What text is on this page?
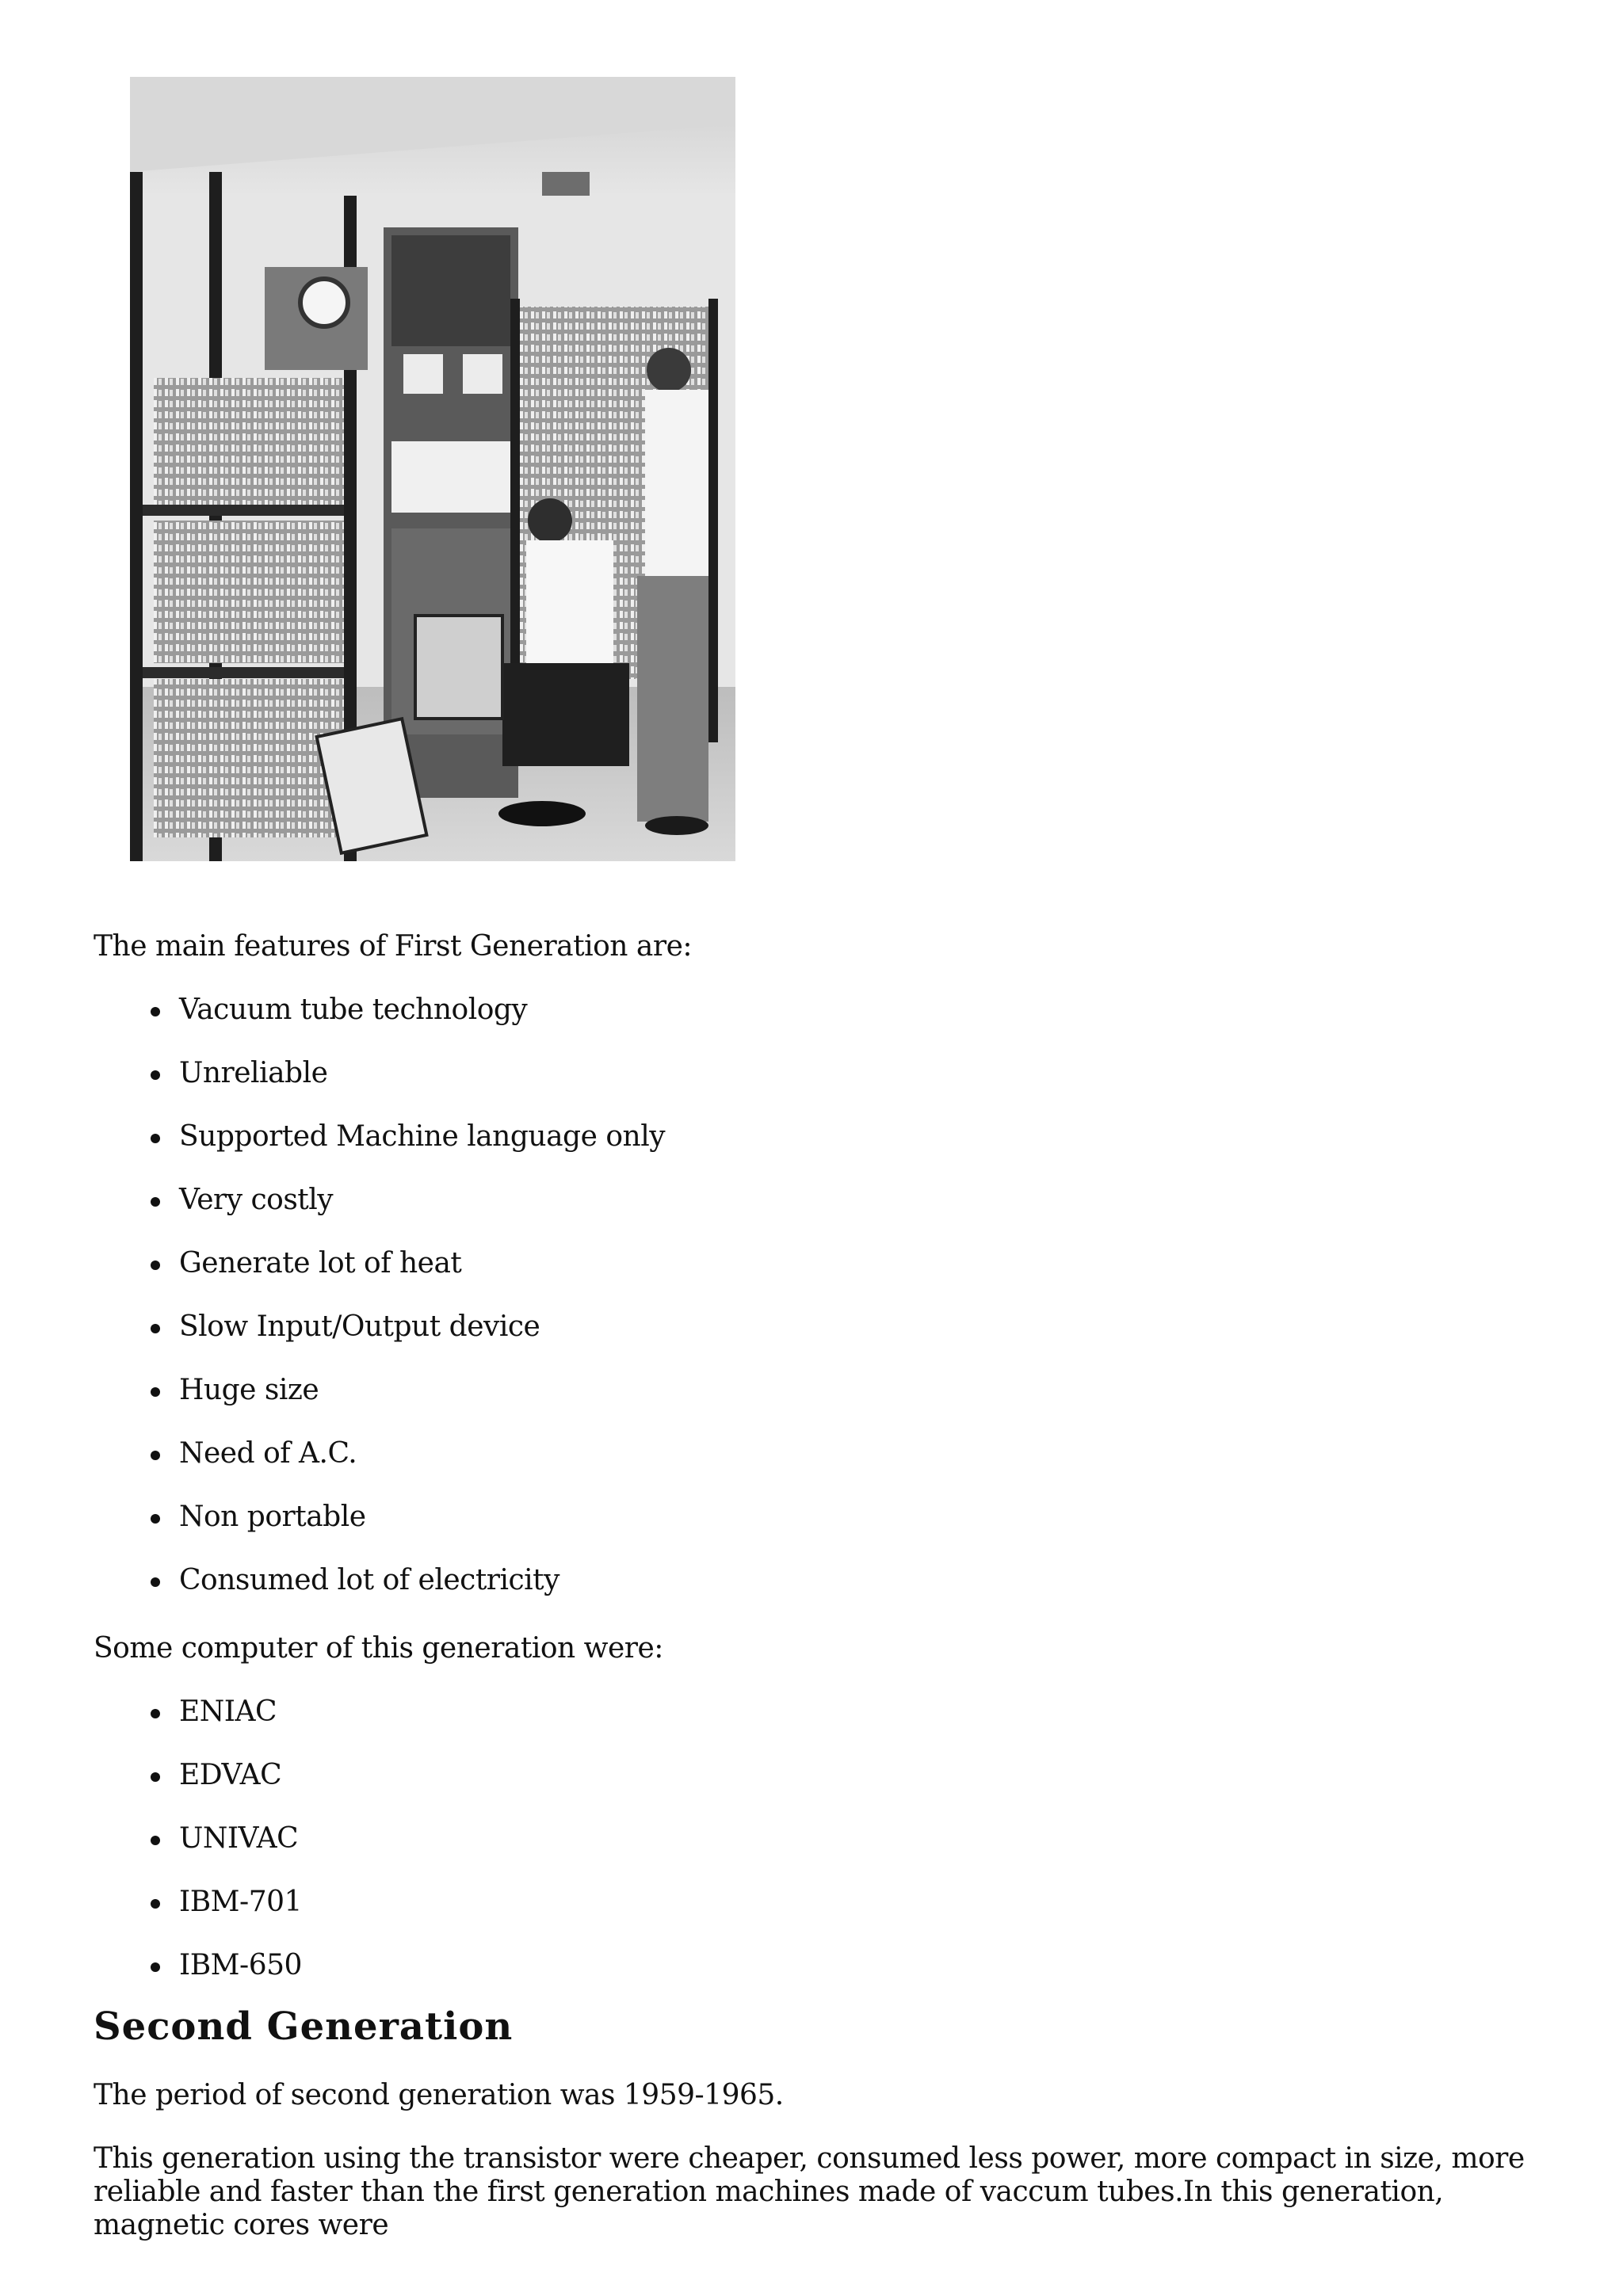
The main features of First Generation are:
Vacuum tube technology
Unreliable
Supported Machine language only
Very costly
Generate lot of heat
Slow Input/Output device
Huge size
Need of A.C.
Non portable
Consumed lot of electricity
Some computer of this generation were:
ENIAC
EDVAC
UNIVAC
IBM-701
IBM-650
Second Generation
The period of second generation was 1959-1965.
This generation using the transistor were cheaper, consumed less power, more compact in size, more reliable and faster than the first generation machines made of vaccum tubes.In this generation, magnetic cores were
